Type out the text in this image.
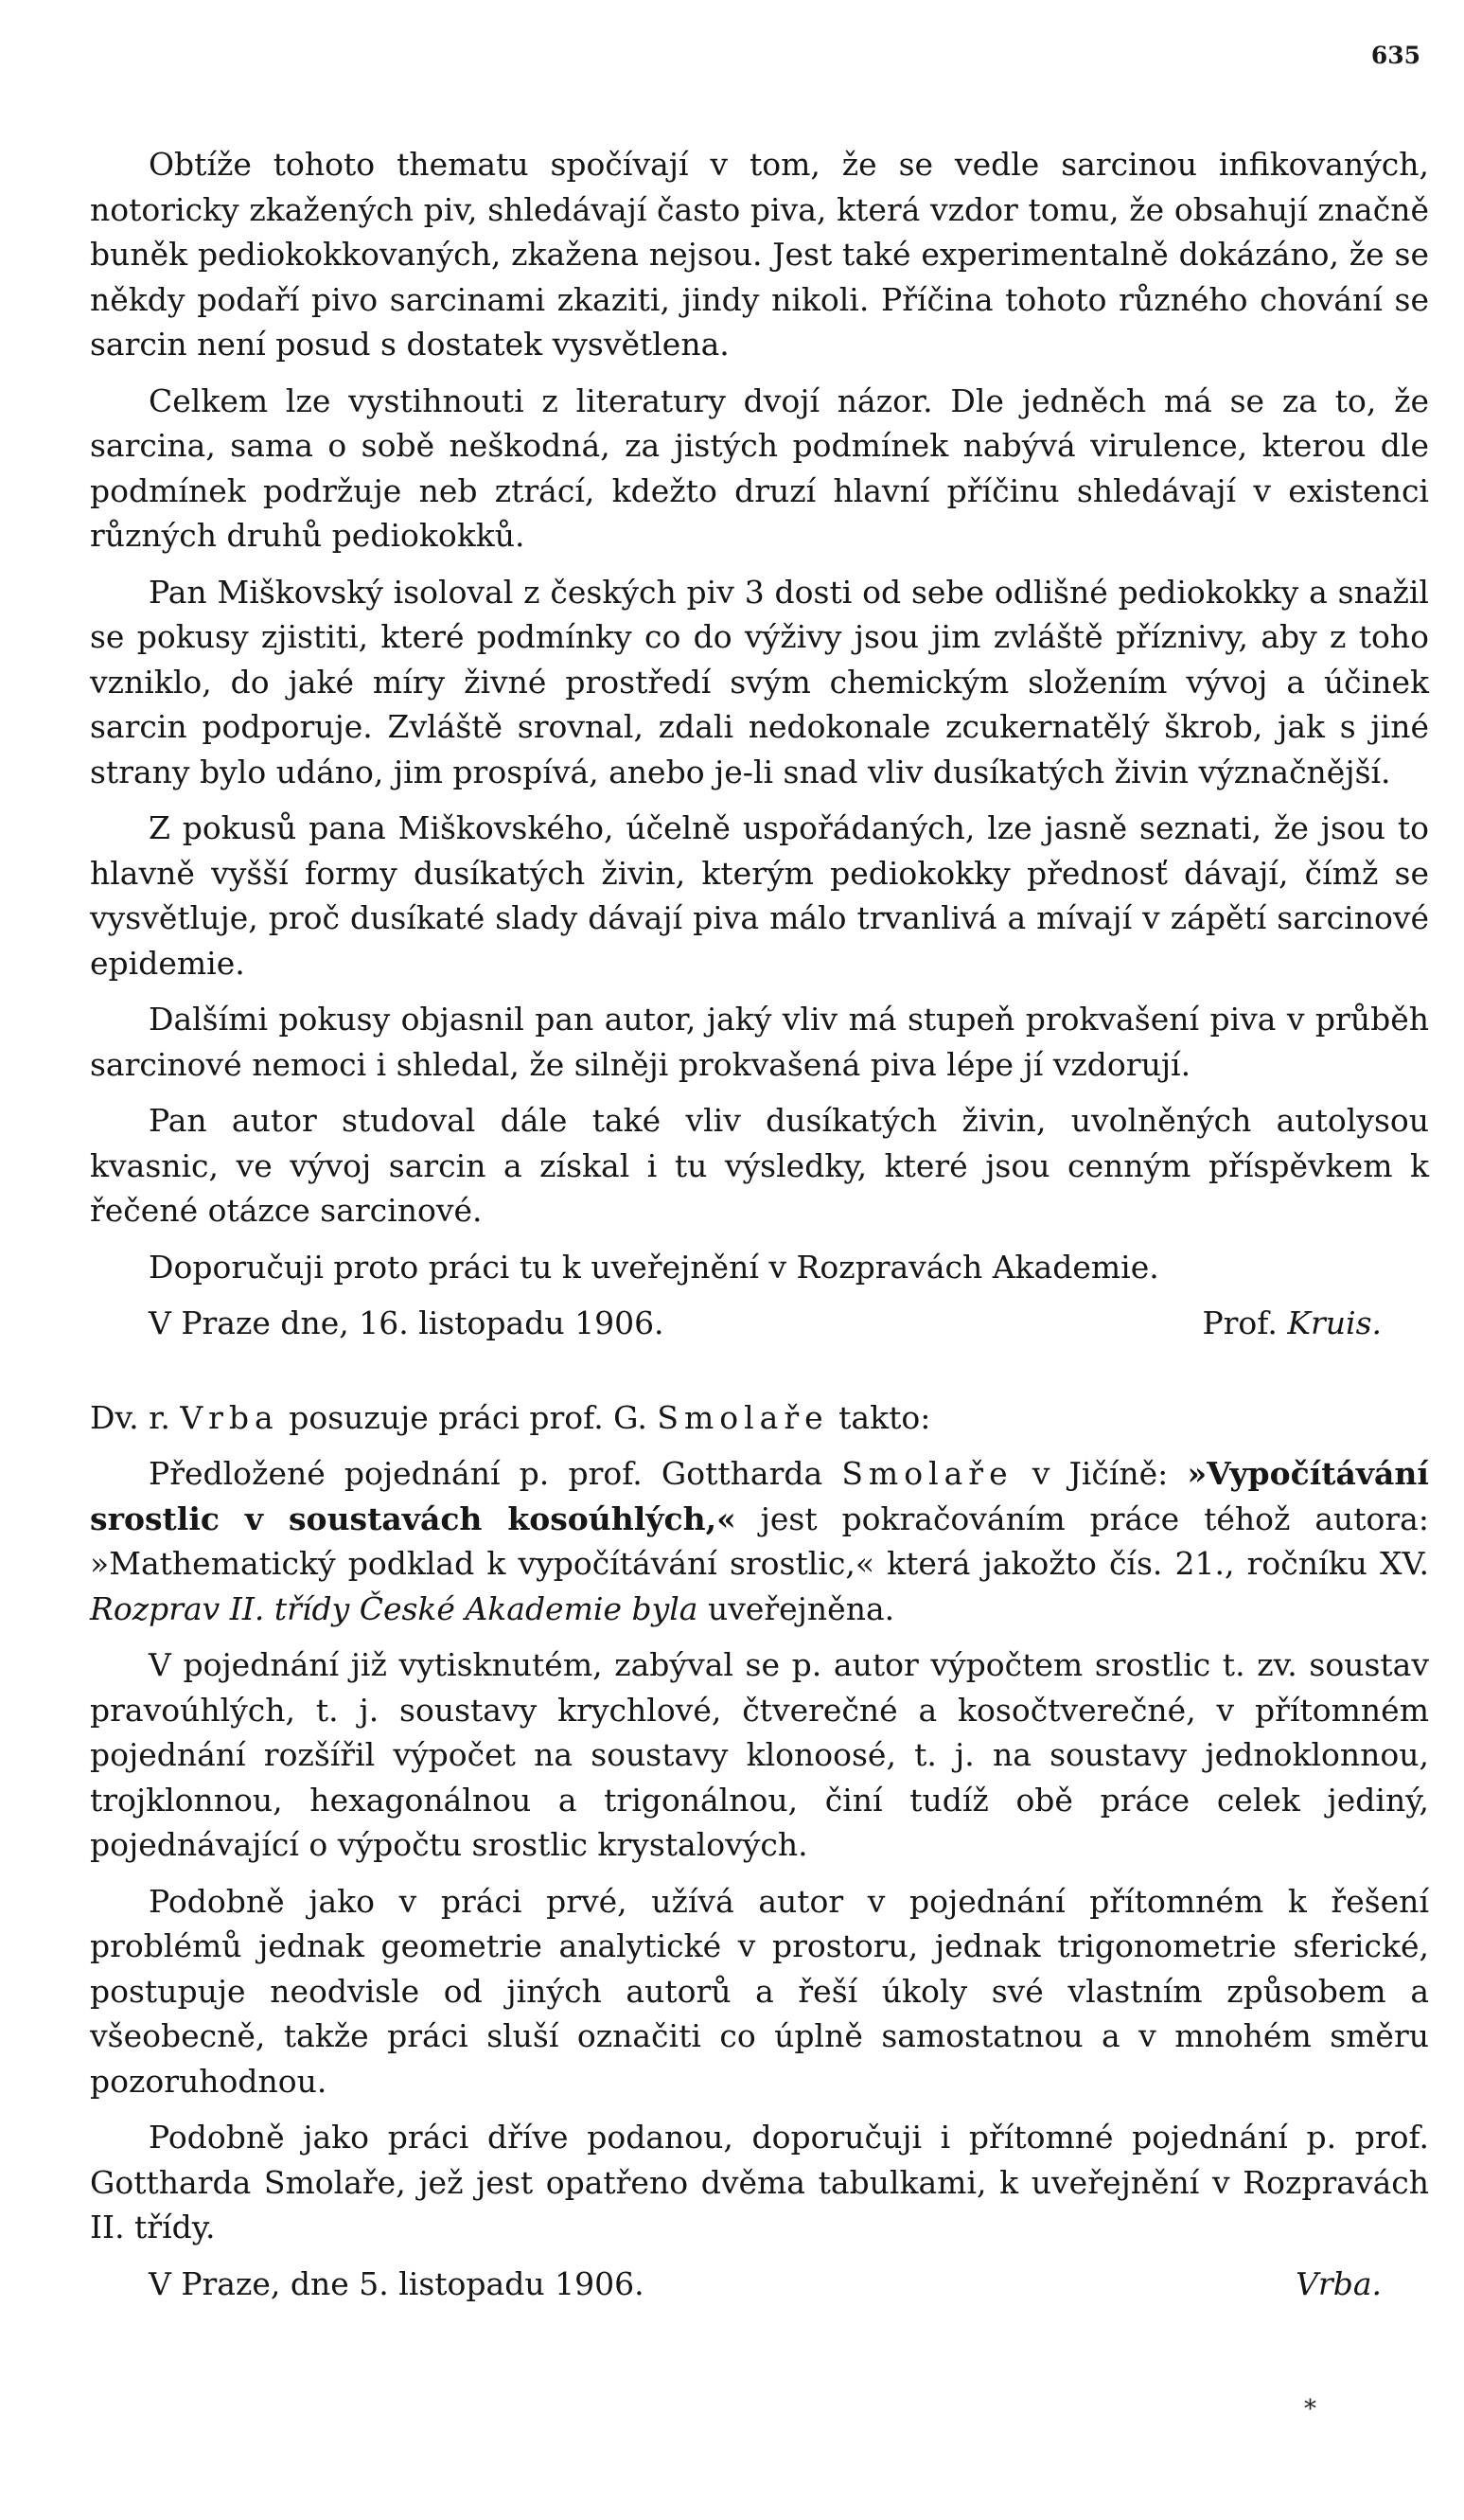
635

Obtíže tohoto thematu spočívají v tom, že se vedle sarcinou infikovaných, notoricky zkažených piv, shledávají často piva, která vzdor tomu, že obsahují značně buněk pediokokkovaných, zkažena nejsou. Jest také experimentalně dokázáno, že se někdy podaří pivo sarcinami zkaziti, jindy nikoli. Příčina tohoto různého chování se sarcin není posud s dostatek vysvětlena.

Celkem lze vystihnouti z literatury dvojí názor. Dle jedněch má se za to, že sarcina, sama o sobě neškodná, za jistých podmínek nabývá virulence, kterou dle podmínek podržuje neb ztrácí, kdežto druzí hlavní příčinu shledávají v existenci různých druhů pediokokků.

Pan Miškovský isoloval z českých piv 3 dosti od sebe odlišné pediokokky a snažil se pokusy zjistiti, které podmínky co do výživy jsou jim zvláště příznivy, aby z toho vzniklo, do jaké míry živné prostředí svým chemickým složením vývoj a účinek sarcin podporuje. Zvláště srovnal, zdali nedokonale zcukernatělý škrob, jak s jiné strany bylo udáno, jim prospívá, anebo je-li snad vliv dusíkatých živin význačnější.

Z pokusů pana Miškovského, účelně uspořádaných, lze jasně seznati, že jsou to hlavně vyšší formy dusíkatých živin, kterým pediokokky přednosť dávají, čímž se vysvětluje, proč dusíkaté slady dávají piva málo trvanlivá a mívají v zápětí sarcinové epidemie.

Dalšími pokusy objasnil pan autor, jaký vliv má stupeň prokvašení piva v průběh sarcinové nemoci i shledal, že silněji prokvašená piva lépe jí vzdorují.

Pan autor studoval dále také vliv dusíkatých živin, uvolněných autolysou kvasnic, ve vývoj sarcin a získal i tu výsledky, které jsou cenným příspěvkem k řečené otázce sarcinové.

Doporučuji proto práci tu k uveřejnění v Rozpravách Akademie.

V Praze dne, 16. listopadu 1906.	Prof. Kruis.

Dv. r. Vrba posuzuje práci prof. G. Smolaře takto:

Předložené pojednání p. prof. Gottharda Smolaře v Jičíně: »Vypočítávání srostlic v soustavách kosoúhlých,« jest pokračováním práce téhož autora: »Mathematický podklad k vypočítávání srostlic,« která jakožto čís. 21., ročníku XV. Rozprav II. třídy České Akademie byla uveřejněna.

V pojednání již vytisknutém, zabýval se p. autor výpočtem srostlic t. zv. soustav pravoúhlých, t. j. soustavy krychlové, čtverečné a kosočtverečné, v přítomném pojednání rozšířil výpočet na soustavy klonoosé, t. j. na soustavy jednoklonnou, trojklonnou, hexagonálnou a trigonálnou, činí tudíž obě práce celek jediný, pojednávající o výpočtu srostlic krystalových.

Podobně jako v práci prvé, užívá autor v pojednání přítomném k řešení problémů jednak geometrie analytické v prostoru, jednak trigonometrie sferické, postupuje neodvisle od jiných autorů a řeší úkoly své vlastním způsobem a všeobecně, takže práci sluší označiti co úplně samostatnou a v mnohém směru pozoruhodnou.

Podobně jako práci dříve podanou, doporučuji i přítomné pojednání p. prof. Gottharda Smolaře, jež jest opatřeno dvěma tabulkami, k uveřejnění v Rozpravách II. třídy.

V Praze, dne 5. listopadu 1906.	Vrba.
*
